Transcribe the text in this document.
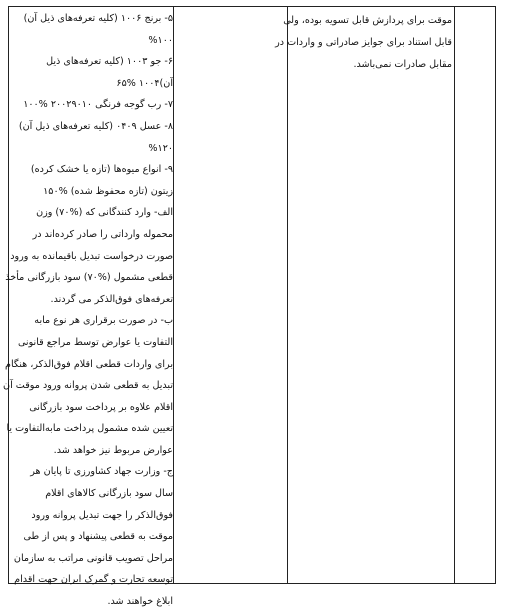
موقت برای پردازش قابل تسویه بوده، ولی
قابل استناد برای جوایز صادراتی و واردات در
مقابل صادرات نمی‌باشد.
۵- برنج ۱۰۰۶ (کلیه تعرفه‌های ذیل آن)
%۱۰۰
۶- جو ۱۰۰۳ (کلیه تعرفه‌های ذیل
آن)۱۰۰۴ %۶۵
۷- رب گوجه فرنگی ۲۰۰۲۹۰۱۰ %۱۰۰
۸- عسل ۰۴۰۹ (کلیه تعرفه‌های ذیل آن)
%۱۲۰
۹- انواع میوه‌ها (تازه یا خشک کرده)
زیتون (تازه محفوظ شده) %۱۵۰
الف- وارد کنندگانی که (%۷۰) وزن
محموله وارداتی را صادر کرده‌اند در
صورت درخواست تبدیل باقیمانده به ورود
قطعی مشمول (%۷۰) سود بازرگانی مأخذ
تعرفه‌های فوق‌الذکر می گردند.
ب- در صورت برقراری هر نوع مابه
التفاوت یا عوارض توسط مراجع قانونی
برای واردات قطعی اقلام فوق‌الذکر، هنگام
تبدیل به قطعی شدن پروانه ورود موقت آن
اقلام علاوه بر پرداخت سود بازرگانی
تعیین شده مشمول پرداخت مابه‌التفاوت یا
عوارض مربوط نیز خواهد شد.
ج- وزارت جهاد کشاورزی تا پایان هر
سال سود بازرگانی کالاهای اقلام
فوق‌الذکر را جهت تبدیل پروانه ورود
موقت به قطعی پیشنهاد و پس از طی
مراحل تصویب قانونی مراتب به سازمان
توسعه تجارت و گمرک ایران جهت اقدام
ابلاغ خواهند شد.
